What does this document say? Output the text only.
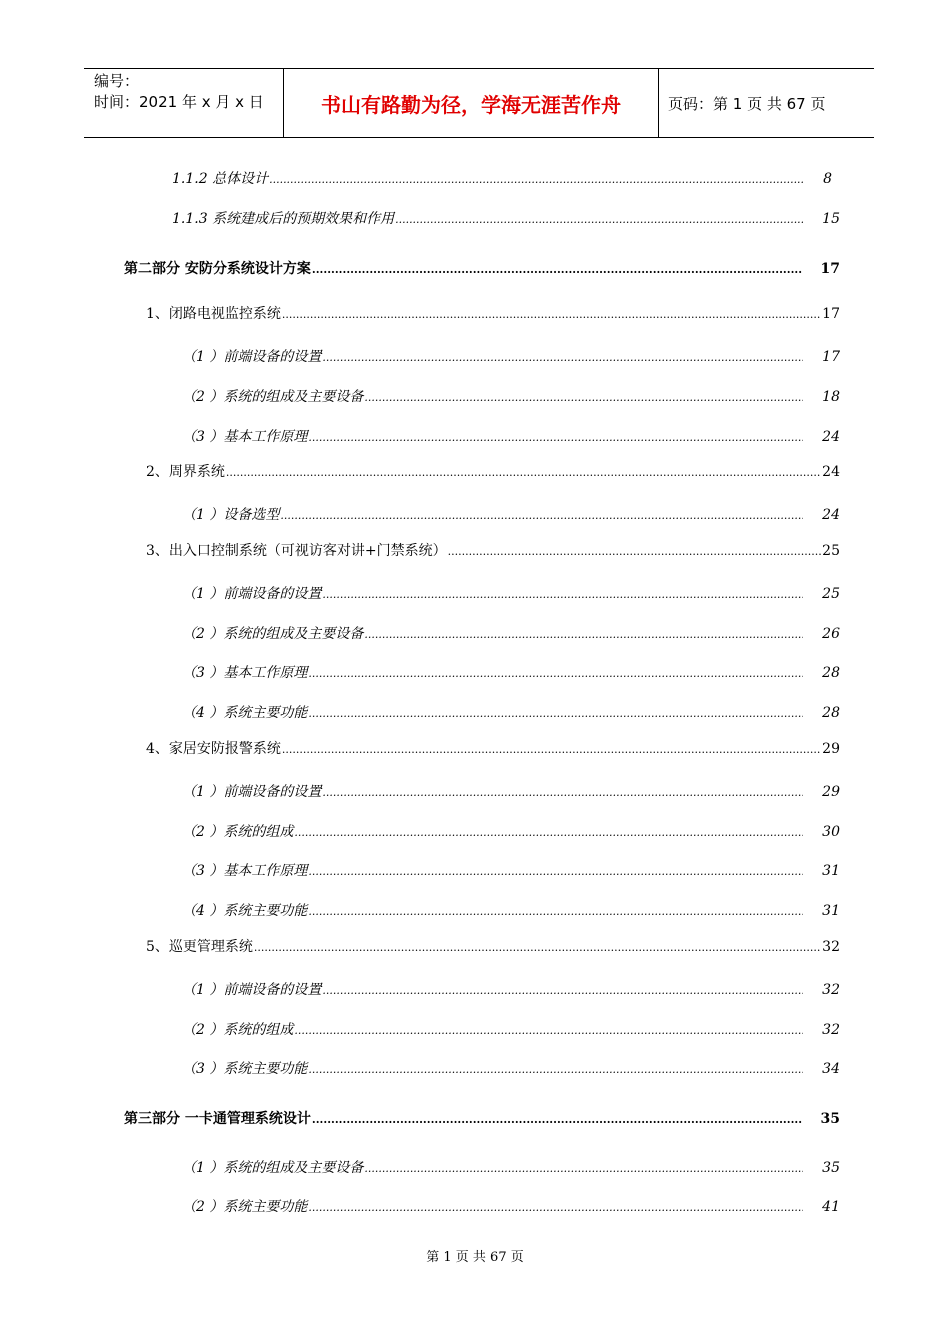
编号：
时间：2021 年 x 月 x 日	书山有路勤为径，学海无涯苦作舟	页码：第 1 页 共 67 页
1.1.2 总体设计 .....	8
1.1.3 系统建成后的预期效果和作用 .....	15
第二部分 安防分系统设计方案 .....	17
1、闭路电视监控系统 .....	17
（1 ）前端设备的设置 .....	17
（2 ）系统的组成及主要设备 .....	18
（3 ）基本工作原理 .....	24
2、周界系统 .....	24
（1 ）设备选型 .....	24
3、出入口控制系统（可视访客对讲+门禁系统） .....	25
（1 ）前端设备的设置 .....	25
（2 ）系统的组成及主要设备 .....	26
（3 ）基本工作原理 .....	28
（4 ）系统主要功能 .....	28
4、家居安防报警系统 .....	29
（1 ）前端设备的设置 .....	29
（2 ）系统的组成 .....	30
（3 ）基本工作原理 .....	31
（4 ）系统主要功能 .....	31
5、巡更管理系统 .....	32
（1 ）前端设备的设置 .....	32
（2 ）系统的组成 .....	32
（3 ）系统主要功能 .....	34
第三部分 一卡通管理系统设计 .....	35
（1 ）系统的组成及主要设备 .....	35
（2 ）系统主要功能 .....	41
第 1 页 共 67 页
